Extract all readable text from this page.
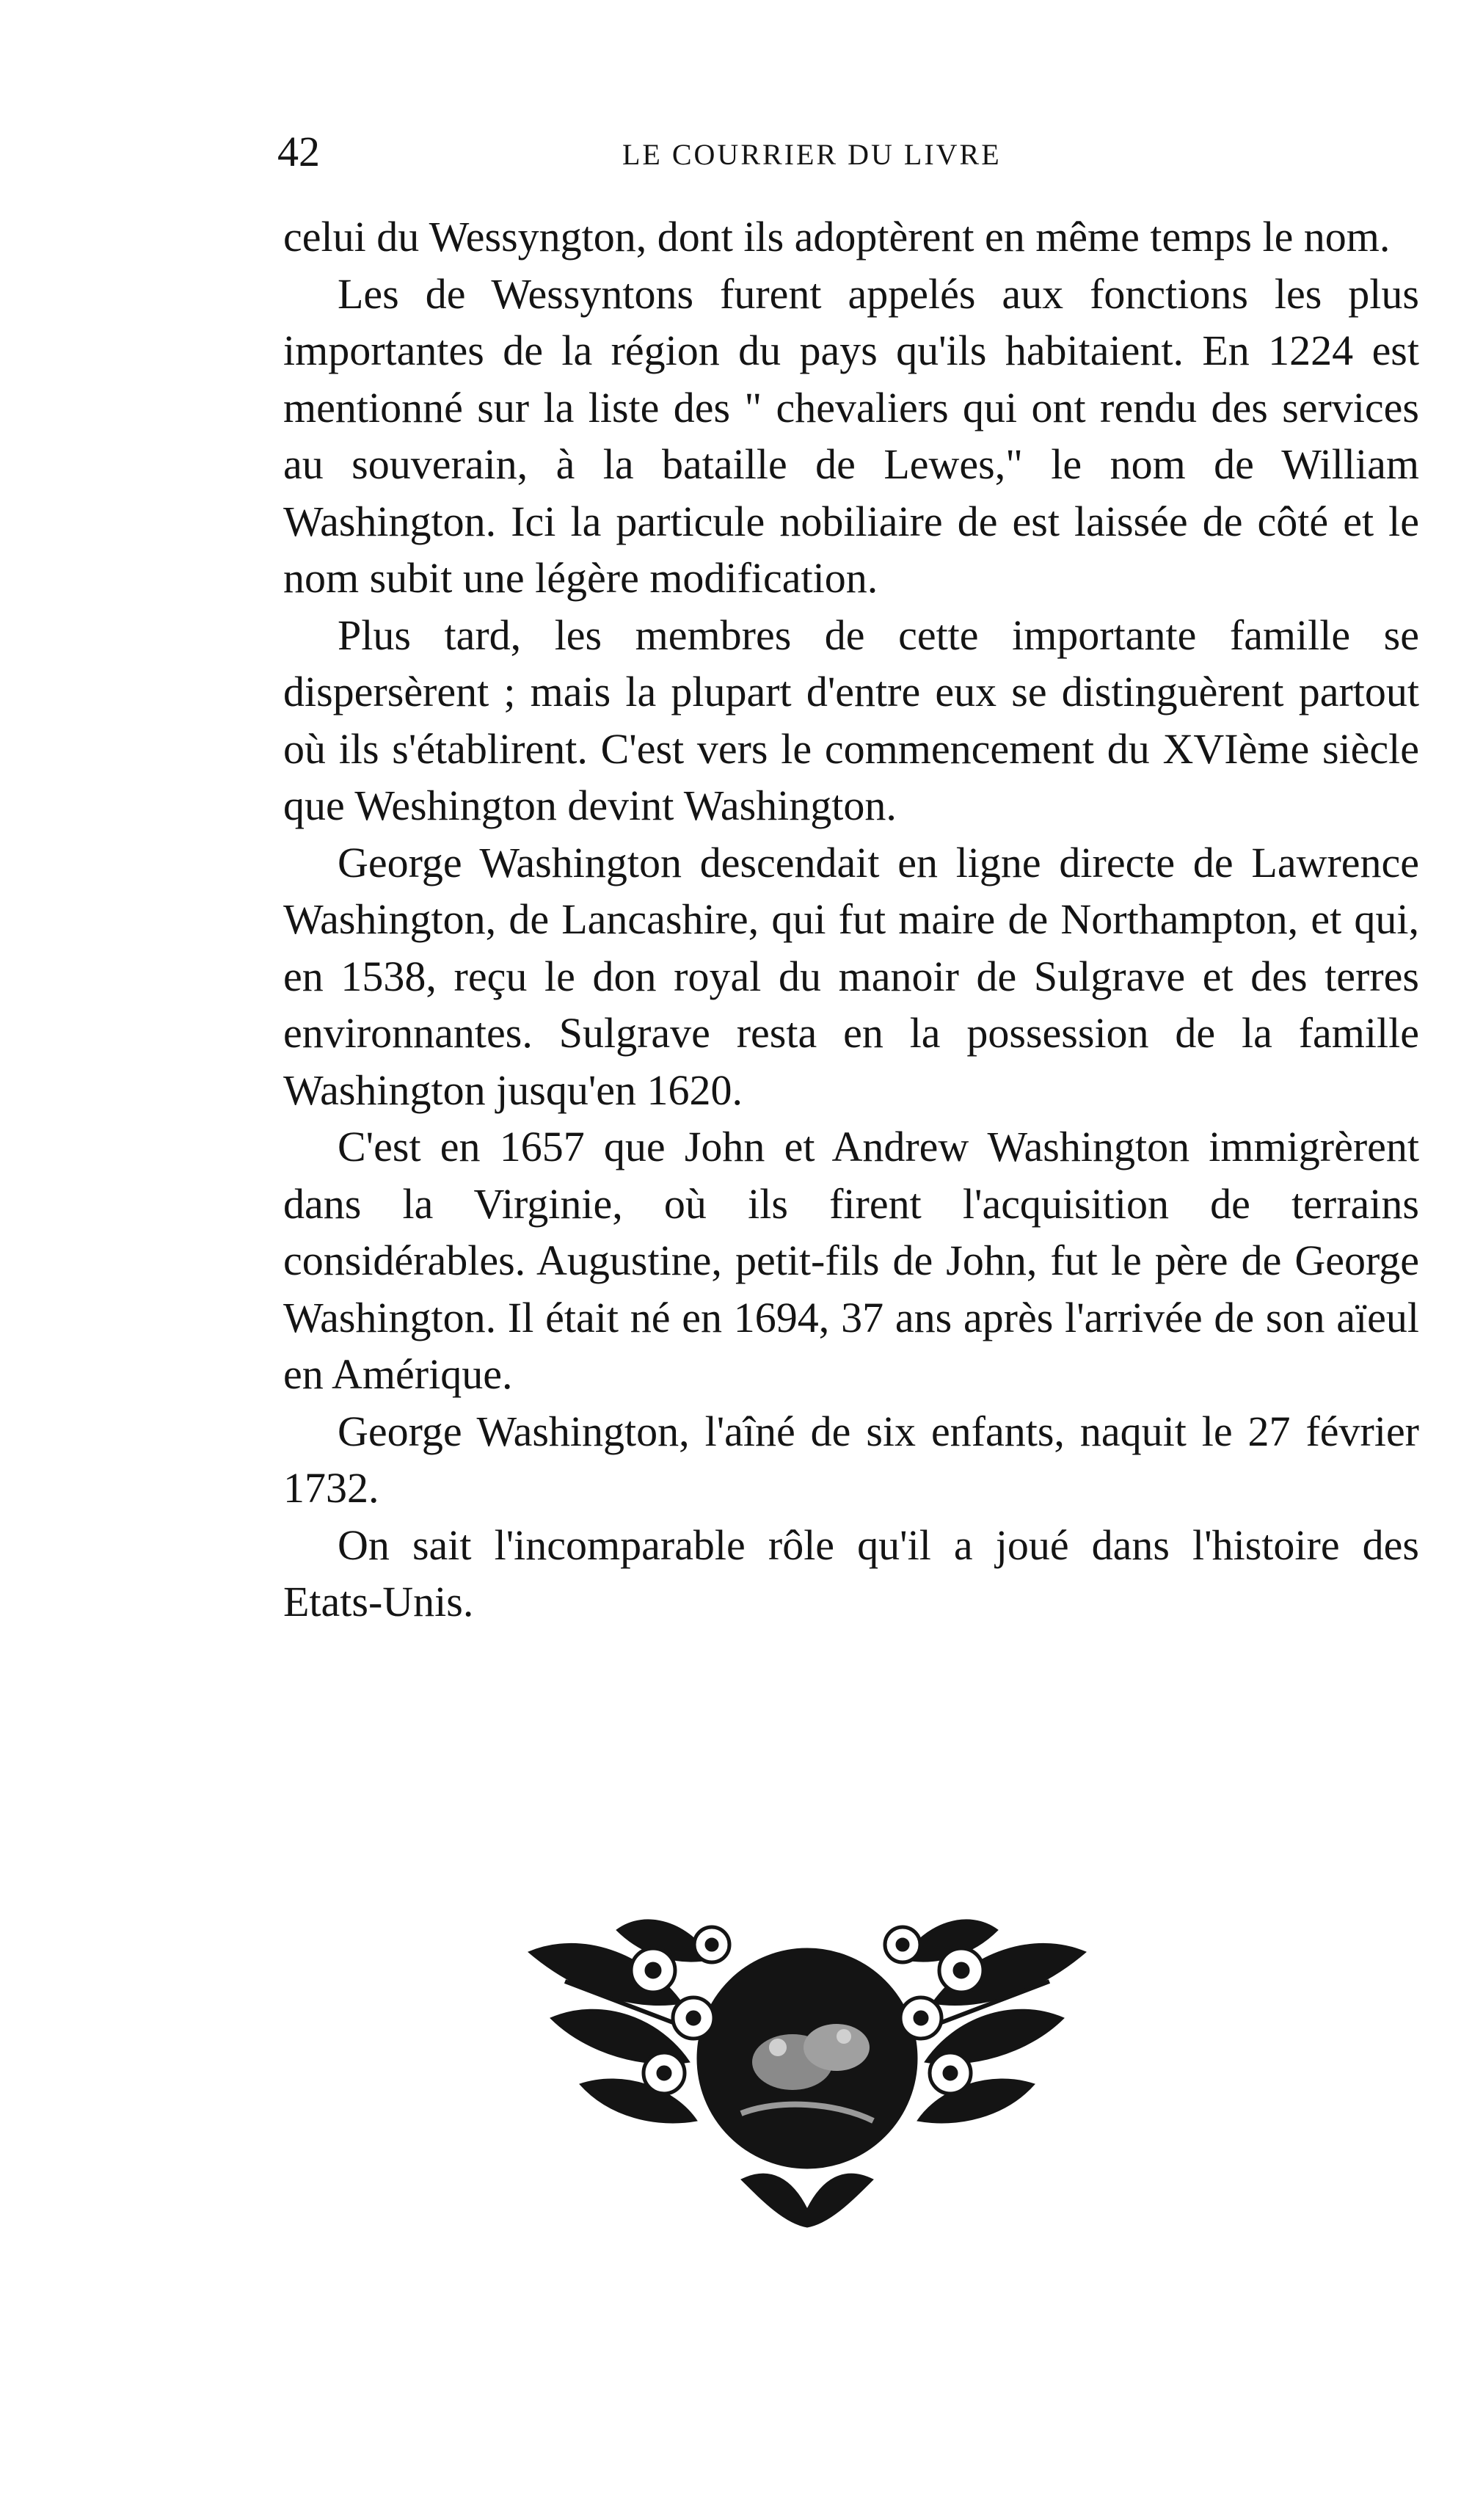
42	LE COURRIER DU LIVRE

celui du Wessyngton, dont ils adoptèrent en même temps le nom.

Les de Wessyntons furent appelés aux fonctions les plus importantes de la région du pays qu'ils habitaient. En 1224 est mentionné sur la liste des " chevaliers qui ont rendu des services au souverain, à la bataille de Lewes," le nom de William Washington. Ici la particule nobiliaire de est laissée de côté et le nom subit une légère modification.

Plus tard, les membres de cette importante famille se dispersèrent ; mais la plupart d'entre eux se distinguèrent partout où ils s'établirent. C'est vers le commencement du XVIème siècle que Weshington devint Washington.

George Washington descendait en ligne directe de Lawrence Washington, de Lancashire, qui fut maire de Northampton, et qui, en 1538, reçu le don royal du manoir de Sulgrave et des terres environnantes. Sulgrave resta en la possession de la famille Washington jusqu'en 1620.

C'est en 1657 que John et Andrew Washington immigrèrent dans la Virginie, où ils firent l'acquisition de terrains considérables. Augustine, petit-fils de John, fut le père de George Washington. Il était né en 1694, 37 ans après l'arrivée de son aïeul en Amérique.

George Washington, l'aîné de six enfants, naquit le 27 février 1732.

On sait l'incomparable rôle qu'il a joué dans l'histoire des Etats-Unis.
